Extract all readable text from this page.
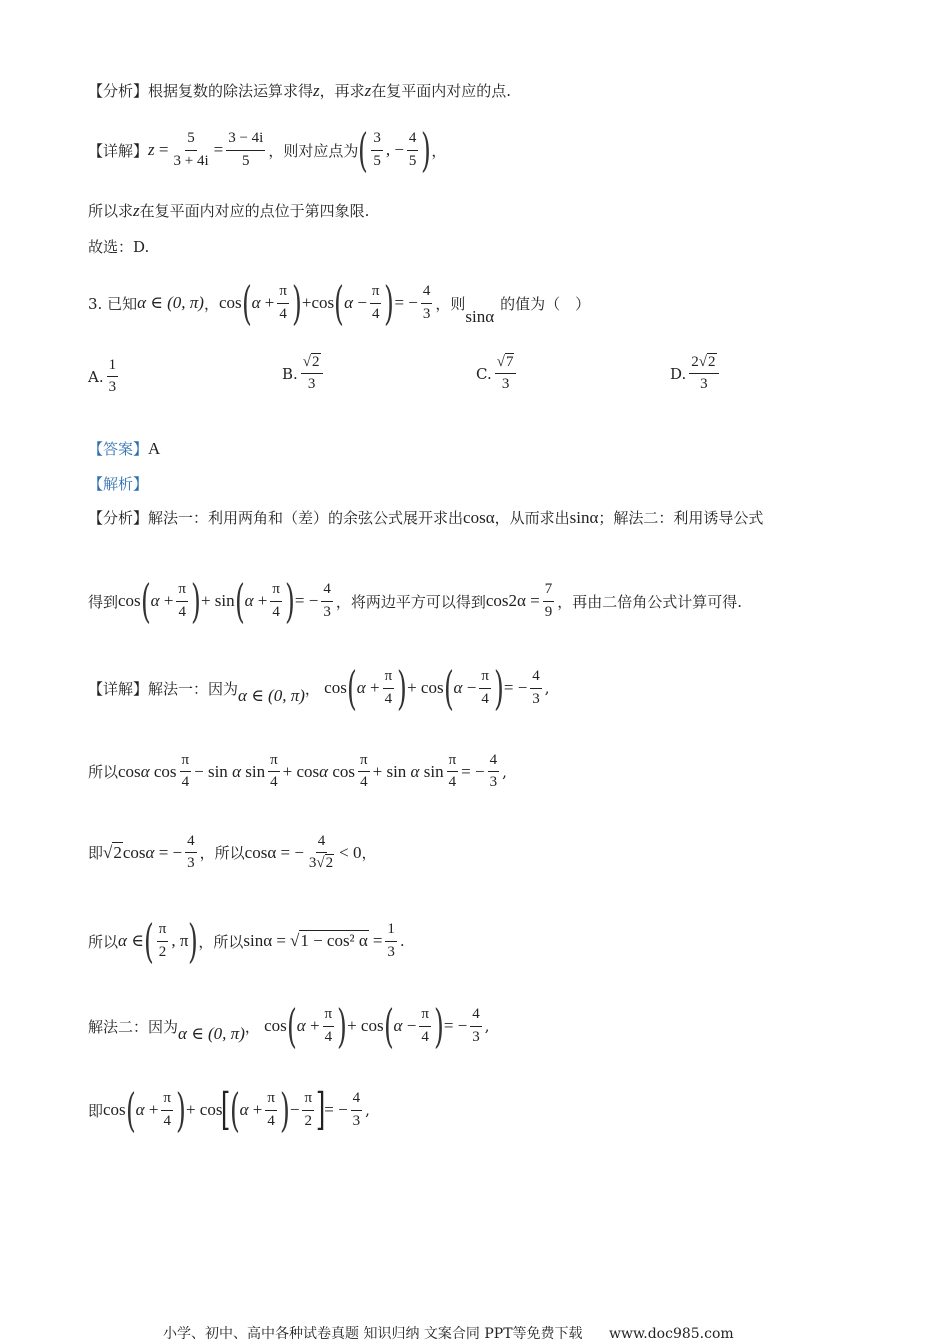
【分析】 根据复数的除法运算求得 z ，再求 z 在复平面内对应的点.
【详解】 $z = \frac{5}{3 + 4i} = \frac{3 - 4i}{5}$ ，则对应点为 ( $\frac{3}{5}$ , − $\frac{4}{5}$ ) ，
所以求 z 在复平面内对应的点位于第四象限.
故选：D.
3. 已知 α ∈ (0, π) ， cos ( $\alpha + \frac{\pi}{4}$ ) + cos ( $\alpha - \frac{\pi}{4}$ ) = − $\frac{4}{3}$ ，则
sinα
的值为（　）
A. $\frac{1}{3}$	B. $\frac{√2}{3}$	C. $\frac{√7}{3}$	D. $\frac{2√2}{3}$
【答案】 A
【解析】
【分析】 解法一：利用两角和（差）的余弦公式展开求出 cosα ，从而求出 sinα ；解法二：利用诱导公式
得到 cos ( $\alpha + \frac{\pi}{4}$ ) + sin ( $\alpha + \frac{\pi}{4}$ ) = − $\frac{4}{3}$ ，将两边平方可以得到 $\cos 2\alpha = \frac{7}{9}$ ，再由二倍角公式计算可得.
【详解】 解法一：因为 α ∈ (0, π) ， cos ( $\alpha + \frac{\pi}{4}$ ) + cos ( $\alpha - \frac{\pi}{4}$ ) = − $\frac{4}{3}$ ,
所以 cosα $\cos \frac{\pi}{4} - \sin \alpha$ $\sin \frac{\pi}{4} + \cos\alpha$ $\cos \frac{\pi}{4} + \sin \alpha$ $\sin \frac{\pi}{4}$ = − $\frac{4}{3}$ ,
即 √2cosα = − $\frac{4}{3}$ ，所以 cosα = − $\frac{4}{3√2} < 0$ ，
所以 α ∈ ( $\frac{\pi}{2}$ , π ) ，所以 sinα = √1 − cos² $\alpha = \frac{1}{3}$ .
解法二：因为 α ∈ (0, π) ， cos ( $\alpha + \frac{\pi}{4}$ ) + cos ( $\alpha - \frac{\pi}{4}$ ) = − $\frac{4}{3}$ ,
即 cos ( $\alpha + \frac{\pi}{4}$ ) + cos
[
( $\alpha + \frac{\pi}{4}$ ) − $\frac{\pi}{2}$ ]
= − $\frac{4}{3}$ ,
小学、初中、高中各种试卷真题 知识归纳 文案合同 PPT等免费下载 www.doc985.com
